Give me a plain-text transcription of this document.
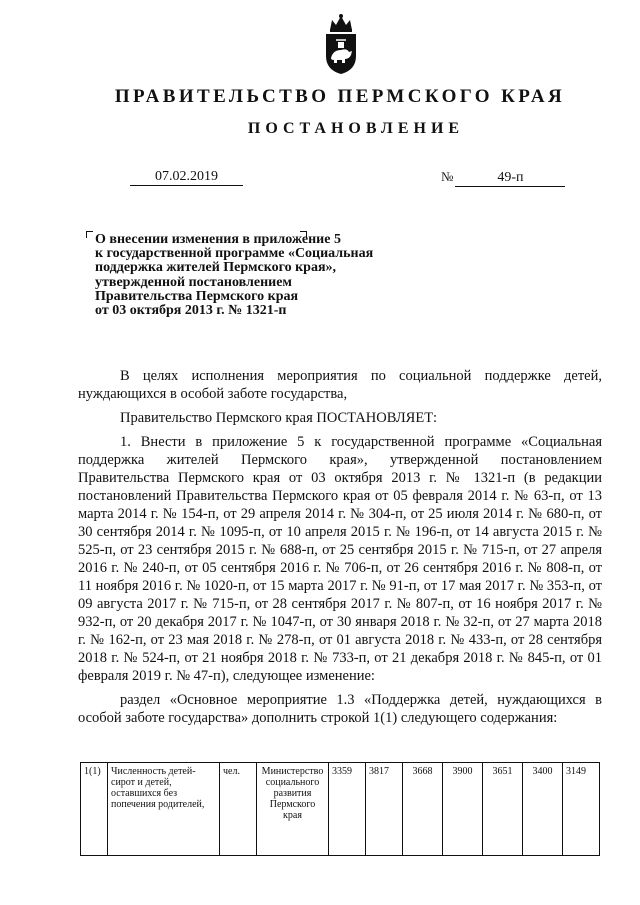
ПРАВИТЕЛЬСТВО ПЕРМСКОГО КРАЯ
ПОСТАНОВЛЕНИЕ
07.02.2019	№	49-п
О внесении изменения в приложение 5
к государственной программе «Социальная
поддержка жителей Пермского края»,
утвержденной постановлением
Правительства Пермского края
от 03 октября 2013 г. № 1321-п

В целях исполнения мероприятия по социальной поддержке детей, нуждающихся в особой заботе государства,

Правительство Пермского края ПОСТАНОВЛЯЕТ:

1. Внести в приложение 5 к государственной программе «Социальная поддержка жителей Пермского края», утвержденной постановлением Правительства Пермского края от 03 октября 2013 г. № 1321-п (в редакции постановлений Правительства Пермского края от 05 февраля 2014 г. № 63-п, от 13 марта 2014 г. № 154-п, от 29 апреля 2014 г. № 304-п, от 25 июля 2014 г. № 680-п, от 30 сентября 2014 г. № 1095-п, от 10 апреля 2015 г. № 196-п, от 14 августа 2015 г. № 525-п, от 23 сентября 2015 г. № 688-п, от 25 сентября 2015 г. № 715-п, от 27 апреля 2016 г. № 240-п, от 05 сентября 2016 г. № 706-п, от 26 сентября 2016 г. № 808-п, от 11 ноября 2016 г. № 1020-п, от 15 марта 2017 г. № 91-п, от 17 мая 2017 г. № 353-п, от 09 августа 2017 г. № 715-п, от 28 сентября 2017 г. № 807-п, от 16 ноября 2017 г. № 932-п, от 20 декабря 2017 г. № 1047-п, от 30 января 2018 г. № 32-п, от 27 марта 2018 г. № 162-п, от 23 мая 2018 г. № 278-п, от 01 августа 2018 г. № 433-п, от 28 сентября 2018 г. № 524-п, от 21 ноября 2018 г. № 733-п, от 21 декабря 2018 г. № 845-п, от 01 февраля 2019 г. № 47-п), следующее изменение:

раздел «Основное мероприятие 1.3 «Поддержка детей, нуждающихся в особой заботе государства» дополнить строкой 1(1) следующего содержания:

1(1)	Численность детей-сирот и детей, оставшихся без попечения родителей,	чел.	Министерство социального развития Пермского края	3359	3817	3668	3900	3651	3400	3149
